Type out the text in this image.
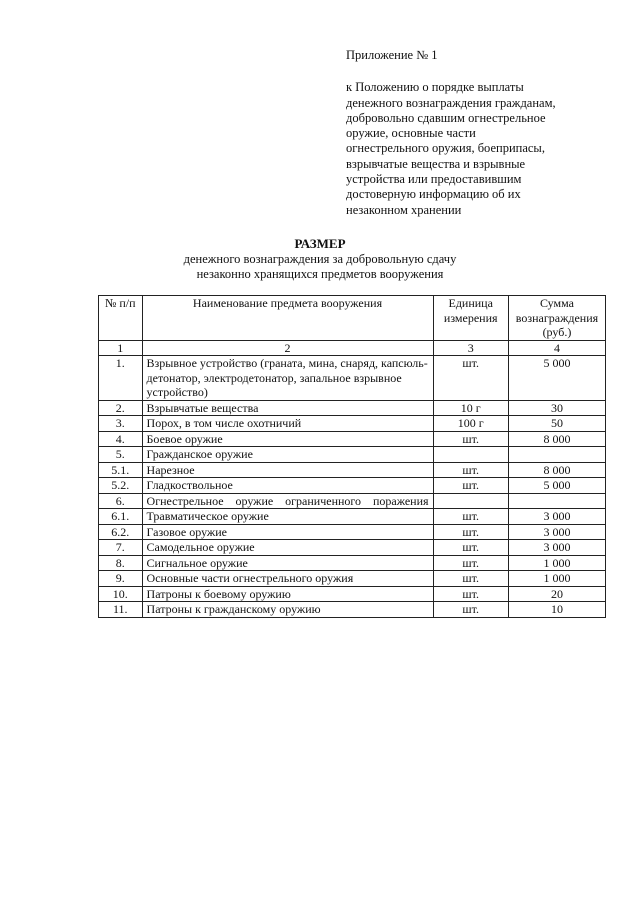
Приложение № 1
к Положению о порядке выплаты
денежного вознаграждения гражданам,
добровольно сдавшим огнестрельное
оружие, основные части
огнестрельного оружия, боеприпасы,
взрывчатые вещества и взрывные
устройства или предоставившим
достоверную информацию об их
незаконном хранении
РАЗМЕР
денежного вознаграждения за добровольную сдачу
незаконно хранящихся предметов вооружения
№ п/п	Наименование предмета вооружения	Единица измерения	Сумма вознаграждения (руб.)
1	2	3	4
1.	Взрывное устройство (граната, мина, снаряд, капсюль-детонатор, электродетонатор, запальное взрывное устройство)	шт.	5 000
2.	Взрывчатые вещества	10 г	30
3.	Порох, в том числе охотничий	100 г	50
4.	Боевое оружие	шт.	8 000
5.	Гражданское оружие		
5.1.	Нарезное	шт.	8 000
5.2.	Гладкоствольное	шт.	5 000
6.	Огнестрельное оружие ограниченного поражения		
6.1.	Травматическое оружие	шт.	3 000
6.2.	Газовое оружие	шт.	3 000
7.	Самодельное оружие	шт.	3 000
8.	Сигнальное оружие	шт.	1 000
9.	Основные части огнестрельного оружия	шт.	1 000
10.	Патроны к боевому оружию	шт.	20
11.	Патроны к гражданскому оружию	шт.	10
